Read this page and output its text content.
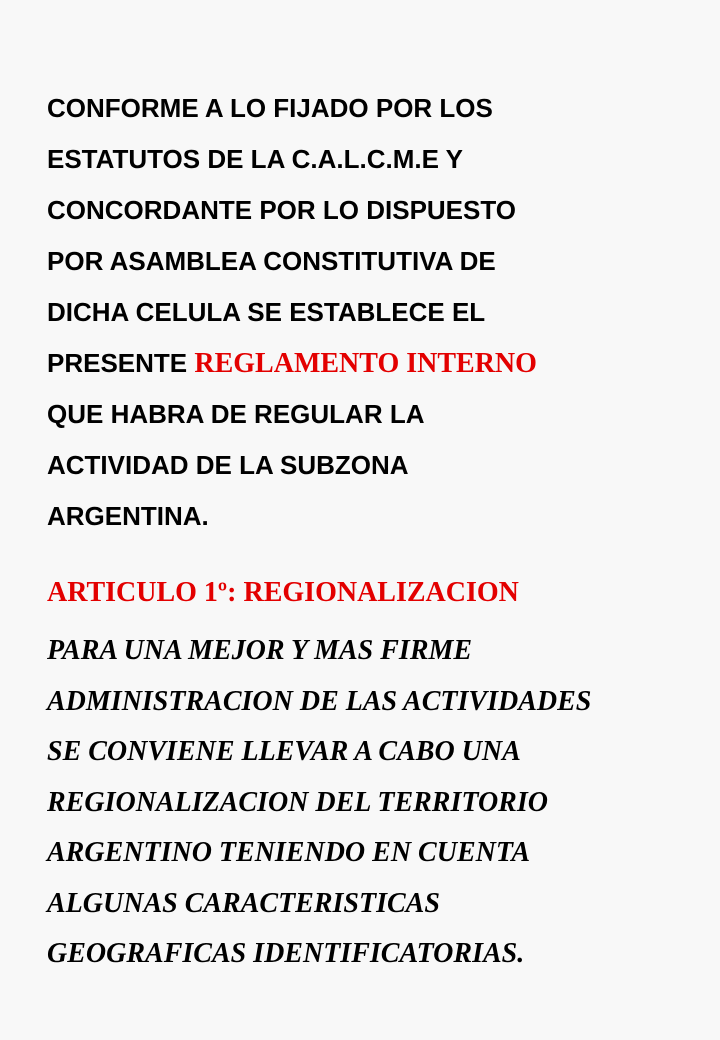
CONFORME A LO FIJADO POR LOS
ESTATUTOS DE LA C.A.L.C.M.E Y
CONCORDANTE POR LO DISPUESTO
POR ASAMBLEA CONSTITUTIVA DE
DICHA CELULA SE ESTABLECE EL
PRESENTE REGLAMENTO INTERNO
QUE HABRA DE REGULAR LA
ACTIVIDAD DE LA SUBZONA
ARGENTINA.

ARTICULO 1º: REGIONALIZACION

PARA UNA MEJOR Y MAS FIRME
ADMINISTRACION DE LAS ACTIVIDADES
SE CONVIENE LLEVAR A CABO UNA
REGIONALIZACION DEL TERRITORIO
ARGENTINO TENIENDO EN CUENTA
ALGUNAS CARACTERISTICAS
GEOGRAFICAS IDENTIFICATORIAS.
